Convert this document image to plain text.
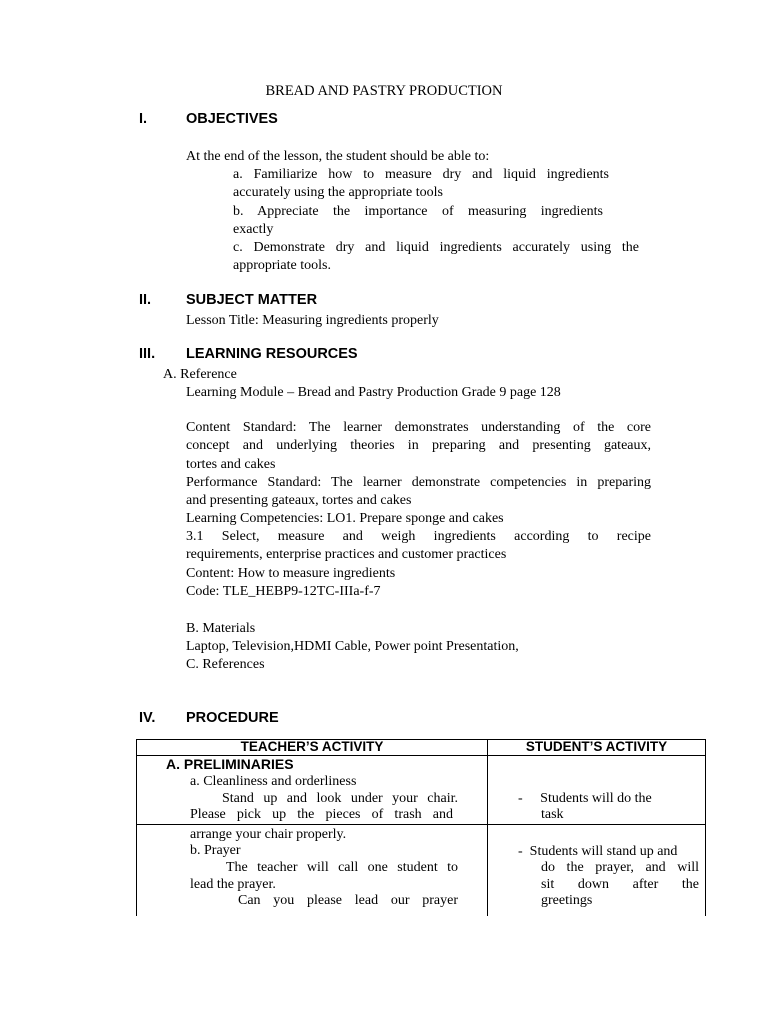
BREAD AND PASTRY PRODUCTION
I.	OBJECTIVES
At the end of the lesson, the student should be able to:
a. Familiarize how to measure dry and liquid ingredients
accurately using the appropriate tools
b. Appreciate the importance of measuring ingredients
exactly
c. Demonstrate dry and liquid ingredients accurately using the
appropriate tools.
II. SUBJECT MATTER
Lesson Title: Measuring ingredients properly
III. LEARNING RESOURCES
A. Reference
Learning Module – Bread and Pastry Production Grade 9 page 128
Content Standard: The learner demonstrates understanding of the core
concept and underlying theories in preparing and presenting gateaux,
tortes and cakes
Performance Standard: The learner demonstrate competencies in preparing
and presenting gateaux, tortes and cakes
Learning Competencies: LO1. Prepare sponge and cakes
3.1 Select, measure and weigh ingredients according to recipe
requirements, enterprise practices and customer practices
Content: How to measure ingredients
Code: TLE_HEBP9-12TC-IIIa-f-7
B. Materials
Laptop, Television,HDMI Cable, Power point Presentation,
C. References
IV. PROCEDURE
TEACHER’S ACTIVITY	STUDENT’S ACTIVITY
A. PRELIMINARIES
a. Cleanliness and orderliness
Stand up and look under your chair.
Please pick up the pieces of trash and
arrange your chair properly.
b. Prayer
The teacher will call one student to
lead the prayer.
Can you please lead our prayer
-     Students will do the
task
-  Students will stand up and
do the prayer, and will
sit down after the
greetings
